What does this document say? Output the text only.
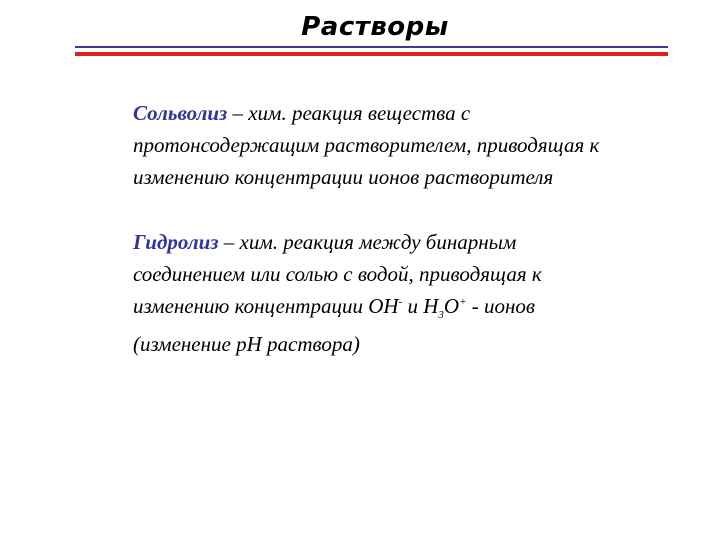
Растворы
Сольволиз – хим. реакция вещества с
протонсодержащим растворителем, приводящая к
изменению концентрации ионов растворителя
Гидролиз – хим. реакция между бинарным
соединением или солью с водой, приводящая к
изменению концентрации ОН- и $Н_3О^+$ - ионов
(изменение рН раствора)
